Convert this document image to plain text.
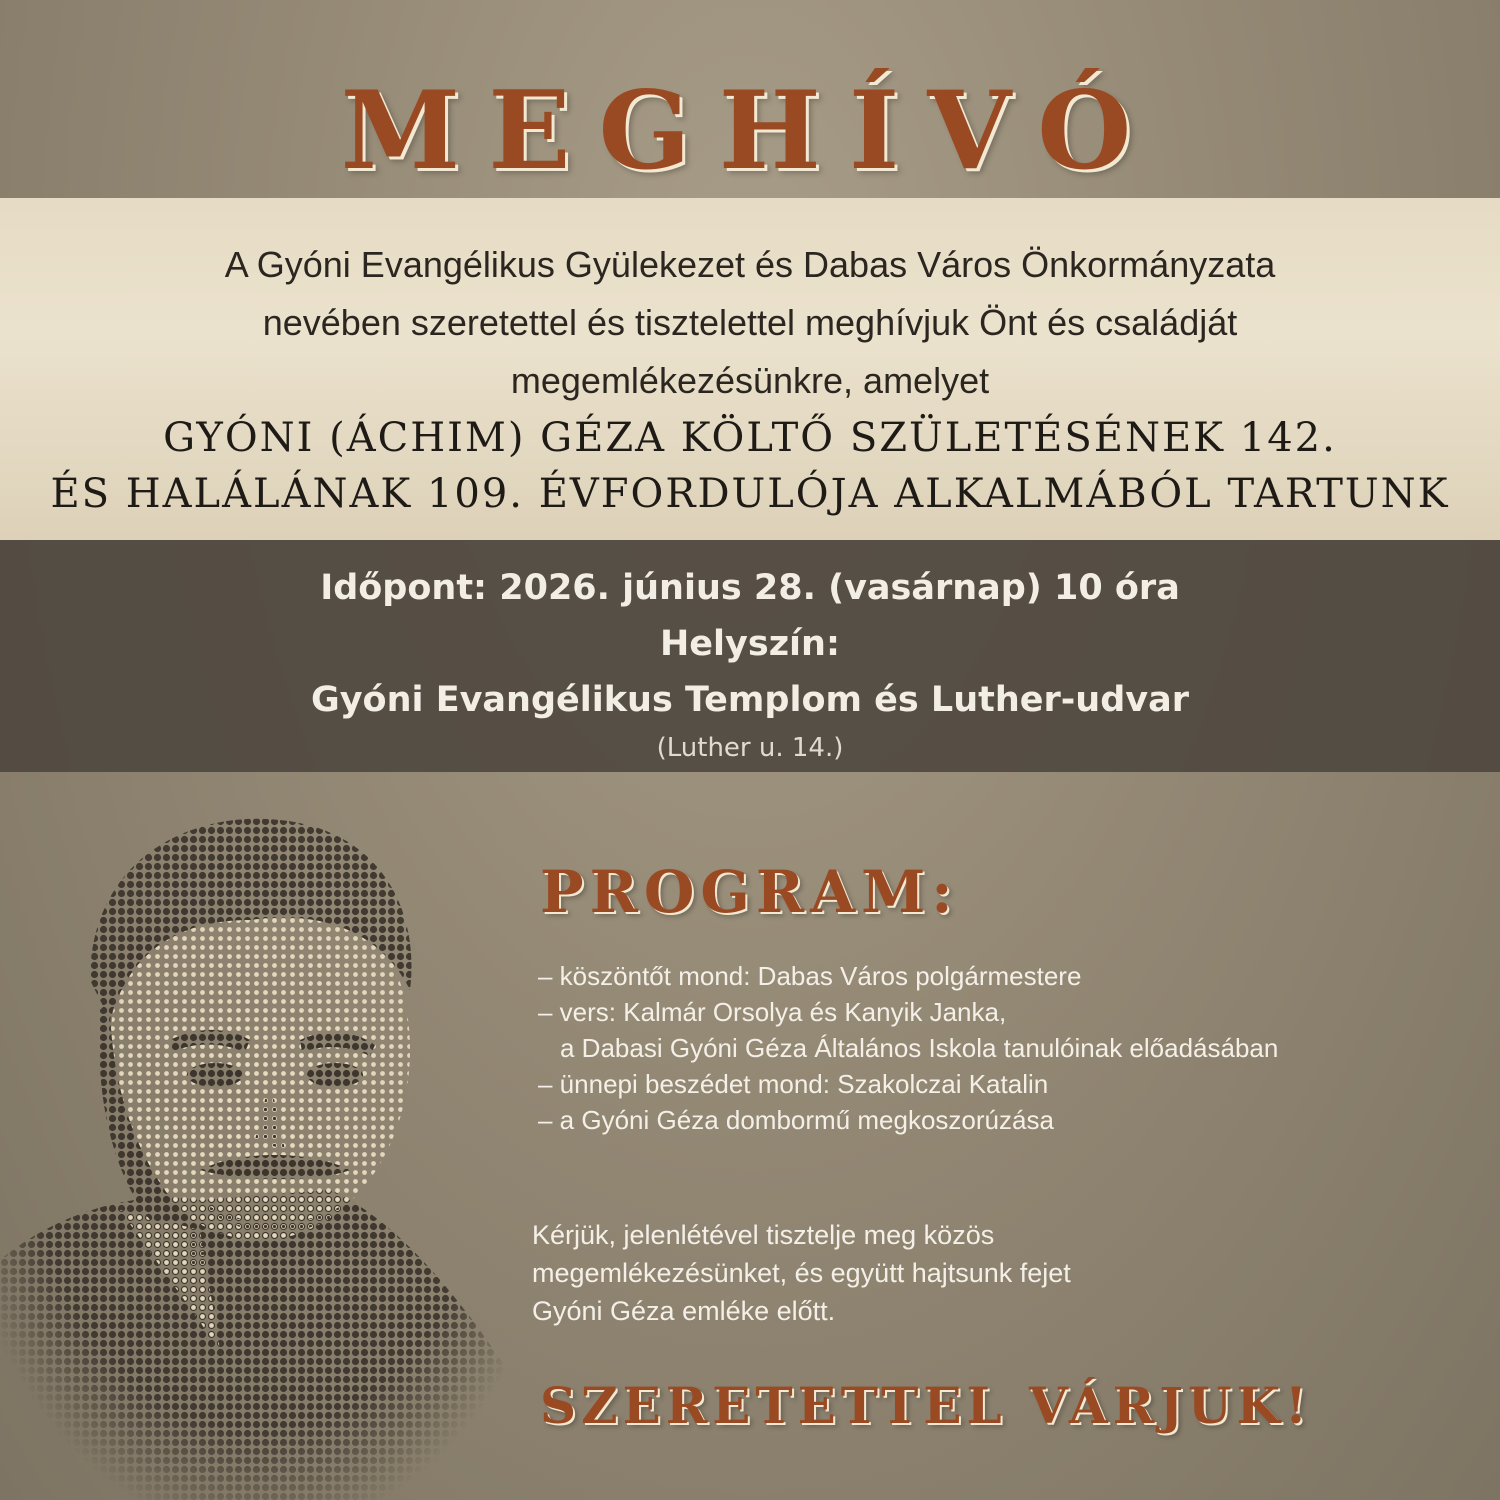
MEGHÍVÓ
A Gyóni Evangélikus Gyülekezet és Dabas Város Önkormányzata
nevében szeretettel és tisztelettel meghívjuk Önt és családját
megemlékezésünkre, amelyet
GYÓNI (ÁCHIM) GÉZA KÖLTŐ SZÜLETÉSÉNEK 142.
ÉS HALÁLÁNAK 109. ÉVFORDULÓJA ALKALMÁBÓL TARTUNK
Időpont: 2026. június 28. (vasárnap) 10 óra
Helyszín:
Gyóni Evangélikus Templom és Luther-udvar
(Luther u. 14.)
PROGRAM:
– köszöntőt mond: Dabas Város polgármestere
– vers: Kalmár Orsolya és Kanyik Janka,
a Dabasi Gyóni Géza Általános Iskola tanulóinak előadásában
– ünnepi beszédet mond: Szakolczai Katalin
– a Gyóni Géza dombormű megkoszorúzása

Kérjük, jelenlétével tisztelje meg közös
megemlékezésünket, és együtt hajtsunk fejet
Gyóni Géza emléke előtt.

SZERETETTEL VÁRJUK!
